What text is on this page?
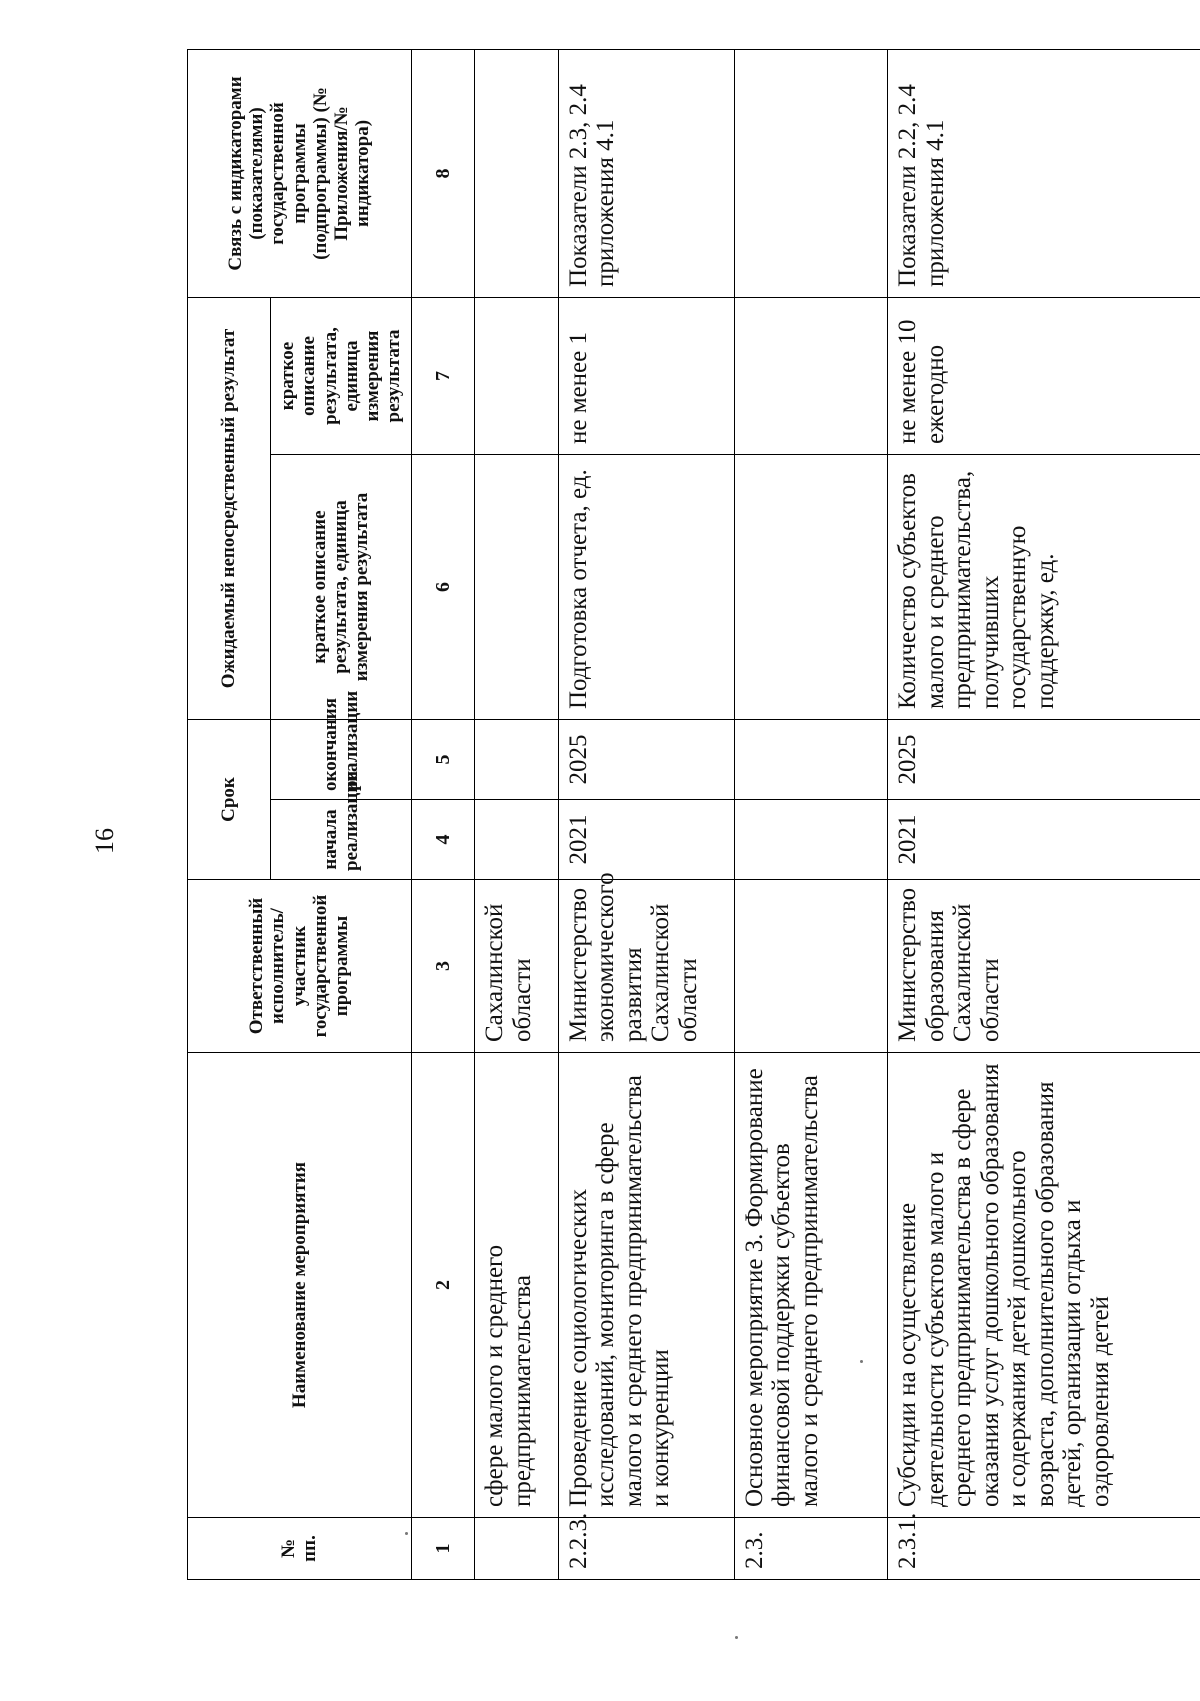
16
№ пп.	Наименование мероприятия	Ответственный исполнитель/участник государственной программы	Срок		Ожидаемый непосредственный результат		Связь с индикаторами (показателями) государственной программы (подпрограммы) (№ Приложения/№ индикатора)
			начала реализации	окончания реализации	краткое описание результата, единица измерения результата	краткое описание результата, единица измерения результата	
1	2	3	4	5	6	7	8
	сфере малого и среднего предпринимательства	Сахалинской области					
2.2.3.	Проведение социологических исследований, мониторинга в сфере малого и среднего предпринимательства и конкуренции	Министерство экономического развития Сахалинской области	2021	2025	Подготовка отчета, ед.	не менее 1	Показатели 2.3, 2.4 приложения 4.1
2.3.	Основное мероприятие 3. Формирование финансовой поддержки субъектов малого и среднего предпринимательства						
2.3.1.	Субсидии на осуществление деятельности субъектов малого и среднего предпринимательства в сфере оказания услуг дошкольного образования и содержания детей дошкольного возраста, дополнительного образования детей, организации отдыха и оздоровления детей	Министерство образования Сахалинской области	2021	2025	Количество субъектов малого и среднего предпринимательства, получивших государственную поддержку, ед.	не менее 10 ежегодно	Показатели 2.2, 2.4 приложения 4.1
